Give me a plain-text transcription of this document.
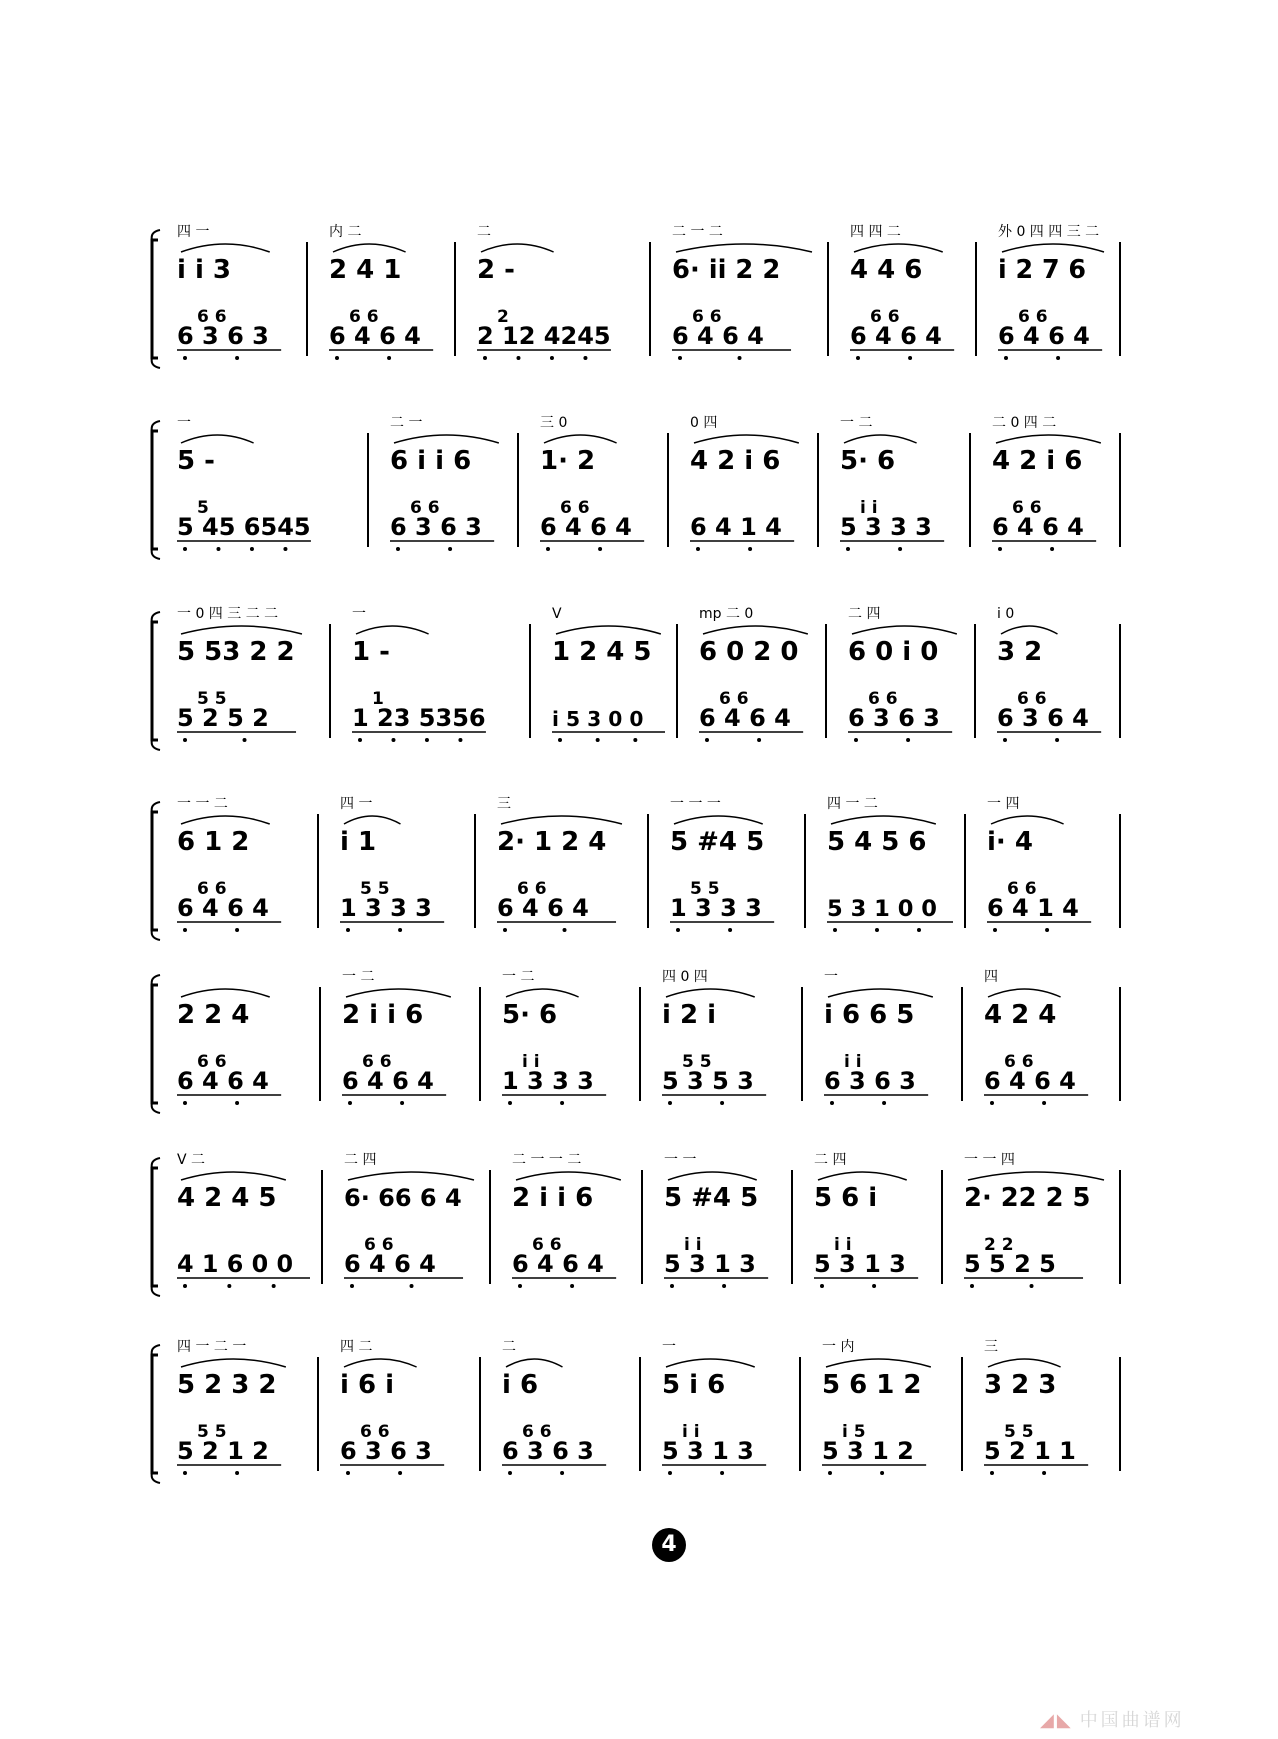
四 一
i i 3
6 6
6 3 6 3
内 二
2 4 1
6 6
6 4 6 4
二
2 -
2
2 12 4245
二 一 二
6· ii 2 2
6 6
6 4 6 4
四 四 二
4 4 6
6 6
6 4 6 4
外 0 四 四 三 二
i 2 7 6
6 6
6 4 6 4
一
5 -
5
5 45 6545
二 一
6 i i 6
6 6
6 3 6 3
三 0
1· 2
6 6
6 4 6 4
0 四
4 2 i 6
6 4 1 4
一 二
5· 6
i i
5 3 3 3
二 0 四 二
4 2 i 6
6 6
6 4 6 4
一 0 四 三 二 二
5 53 2 2
5 5
5 2 5 2
一
1 -
1
1 23 5356
V
1 2 4 5
i 5 3 0 0
mp 二 0
6 0 2 0
6 6
6 4 6 4
二 四
6 0 i 0
6 6
6 3 6 3
i 0
3 2
6 6
6 3 6 4
一 一 二
6 1 2
6 6
6 4 6 4
四 一
i 1
5 5
1 3 3 3
三
2· 1 2 4
6 6
6 4 6 4
一 一 一
5 #4 5
5 5
1 3 3 3
四 一 二
5 4 5 6
5 3 1 0 0
一 四
i· 4
6 6
6 4 1 4
2 2 4
6 6
6 4 6 4
一 二
2 i i 6
6 6
6 4 6 4
一 二
5· 6
i i
1 3 3 3
四 0 四
i 2 i
5 5
5 3 5 3
一
i 6 6 5
i i
6 3 6 3
四
4 2 4
6 6
6 4 6 4
V 二
4 2 4 5
4 1 6 0 0
二 四
6· 66 6 4
6 6
6 4 6 4
二 一 一 二
2 i i 6
6 6
6 4 6 4
一 一
5 #4 5
i i
5 3 1 3
二 四
5 6 i
i i
5 3 1 3
一 一 四
2· 22 2 5
2 2
5 5 2 5
四 一 二 一
5 2 3 2
5 5
5 2 1 2
四 二
i 6 i
6 6
6 3 6 3
二
i 6
6 6
6 3 6 3
一
5 i 6
i i
5 3 1 3
一 内
5 6 1 2
i 5
5 3 1 2
三
3 2 3
5 5
5 2 1 1
4
◢◣ 中国曲谱网
